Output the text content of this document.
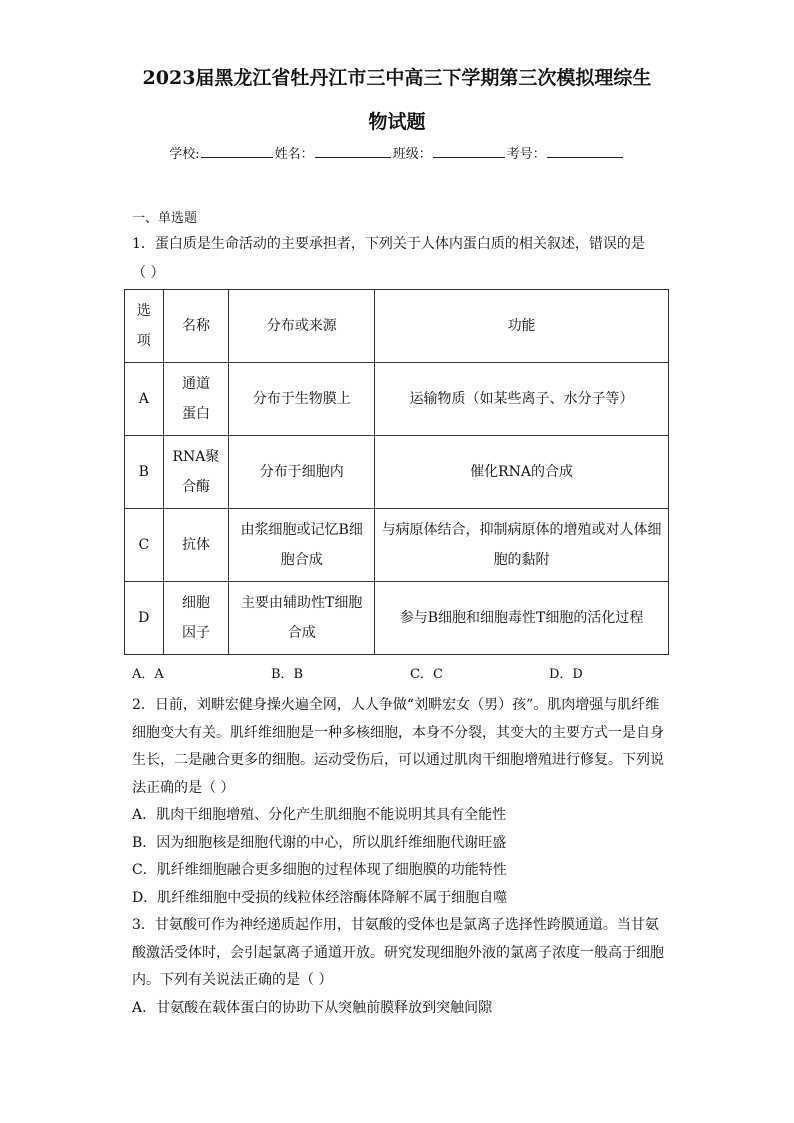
2023届黑龙江省牡丹江市三中高三下学期第三次模拟理综生
物试题
学校:	姓名：	班级：	考号：
一、单选题
1．蛋白质是生命活动的主要承担者，下列关于人体内蛋白质的相关叙述，错误的是
（ ）
选项	名称	分布或来源	功能
A	通道蛋白	分布于生物膜上	运输物质（如某些离子、水分子等）
B	RNA聚合酶	分布于细胞内	催化RNA的合成
C	抗体	由浆细胞或记忆B细胞合成	与病原体结合，抑制病原体的增殖或对人体细胞的黏附

D	细胞因子	主要由辅助性T细胞合成	参与B细胞和细胞毒性T细胞的活化过程
A．A	B．B	C．C	D．D
2．日前，刘畊宏健身操火遍全网，人人争做“刘畊宏女（男）孩”。肌肉增强与肌纤维
细胞变大有关。肌纤维细胞是一种多核细胞，本身不分裂，其变大的主要方式一是自身
生长，二是融合更多的细胞。运动受伤后，可以通过肌肉干细胞增殖进行修复。下列说
法正确的是（ ）
A．肌肉干细胞增殖、分化产生肌细胞不能说明其具有全能性
B．因为细胞核是细胞代谢的中心，所以肌纤维细胞代谢旺盛
C．肌纤维细胞融合更多细胞的过程体现了细胞膜的功能特性
D．肌纤维细胞中受损的线粒体经溶酶体降解不属于细胞自噬
3．甘氨酸可作为神经递质起作用，甘氨酸的受体也是氯离子选择性跨膜通道。当甘氨
酸激活受体时，会引起氯离子通道开放。研究发现细胞外液的氯离子浓度一般高于细胞
内。下列有关说法正确的是（ ）
A．甘氨酸在载体蛋白的协助下从突触前膜释放到突触间隙
